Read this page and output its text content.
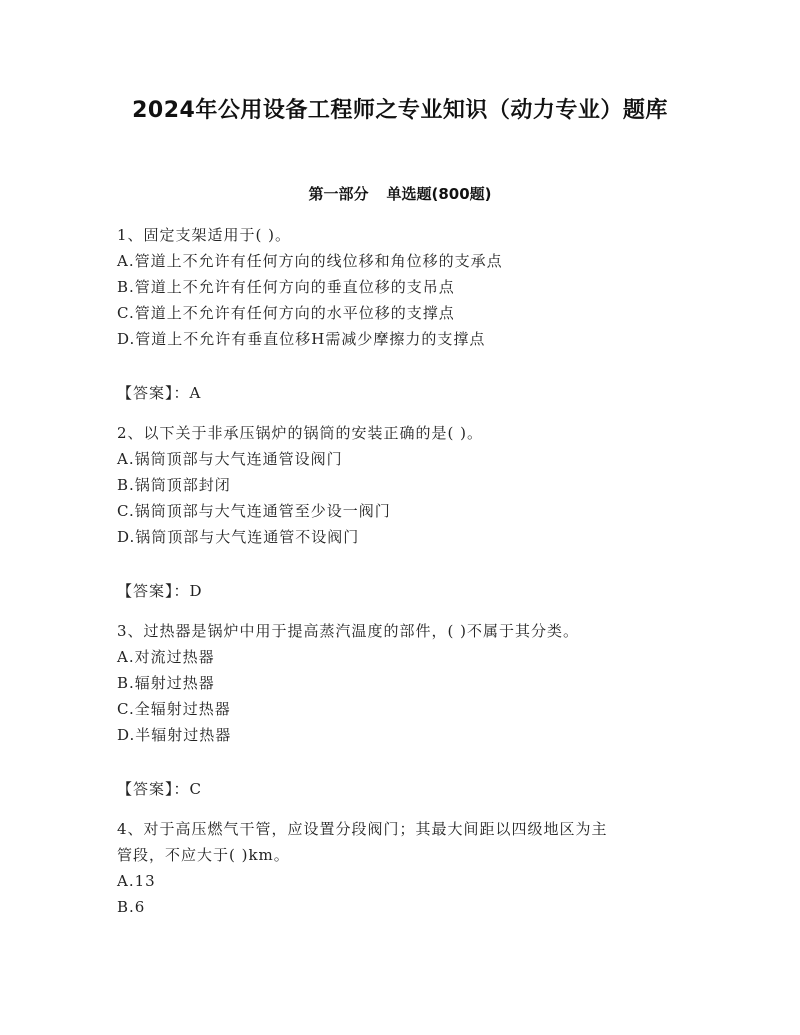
2024年公用设备工程师之专业知识（动力专业）题库
第一部分 单选题(800题)
1、固定支架适用于( )。
A.管道上不允许有任何方向的线位移和角位移的支承点
B.管道上不允许有任何方向的垂直位移的支吊点
C.管道上不允许有任何方向的水平位移的支撑点
D.管道上不允许有垂直位移H需减少摩擦力的支撑点
【答案】：A
2、以下关于非承压锅炉的锅筒的安装正确的是( )。
A.锅筒顶部与大气连通管设阀门
B.锅筒顶部封闭
C.锅筒顶部与大气连通管至少设一阀门
D.锅筒顶部与大气连通管不设阀门
【答案】：D
3、过热器是锅炉中用于提高蒸汽温度的部件，( )不属于其分类。
A.对流过热器
B.辐射过热器
C.全辐射过热器
D.半辐射过热器
【答案】：C
4、对于高压燃气干管，应设置分段阀门；其最大间距以四级地区为主
管段，不应大于( )km。
A.13
B.6
